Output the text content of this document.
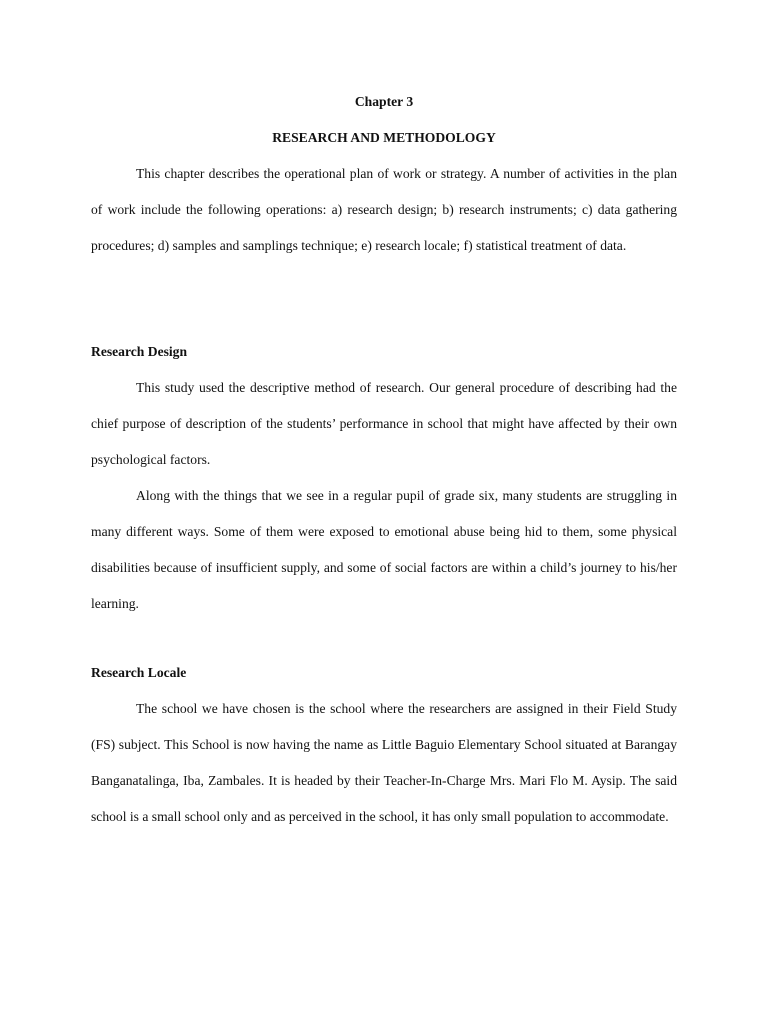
Chapter 3
RESEARCH AND METHODOLOGY

This chapter describes the operational plan of work or strategy. A number of activities in the plan of work include the following operations: a) research design; b) research instruments; c) data gathering procedures; d) samples and samplings technique; e) research locale; f) statistical treatment of data.

Research Design

This study used the descriptive method of research. Our general procedure of describing had the chief purpose of description of the students’ performance in school that might have affected by their own psychological factors.

Along with the things that we see in a regular pupil of grade six, many students are struggling in many different ways. Some of them were exposed to emotional abuse being hid to them, some physical disabilities because of insufficient supply, and some of social factors are within a child’s journey to his/her learning.

Research Locale

The school we have chosen is the school where the researchers are assigned in their Field Study (FS) subject. This School is now having the name as Little Baguio Elementary School situated at Barangay Banganatalinga, Iba, Zambales. It is headed by their Teacher-In-Charge Mrs. Mari Flo M. Aysip. The said school is a small school only and as perceived in the school, it has only small population to accommodate.
